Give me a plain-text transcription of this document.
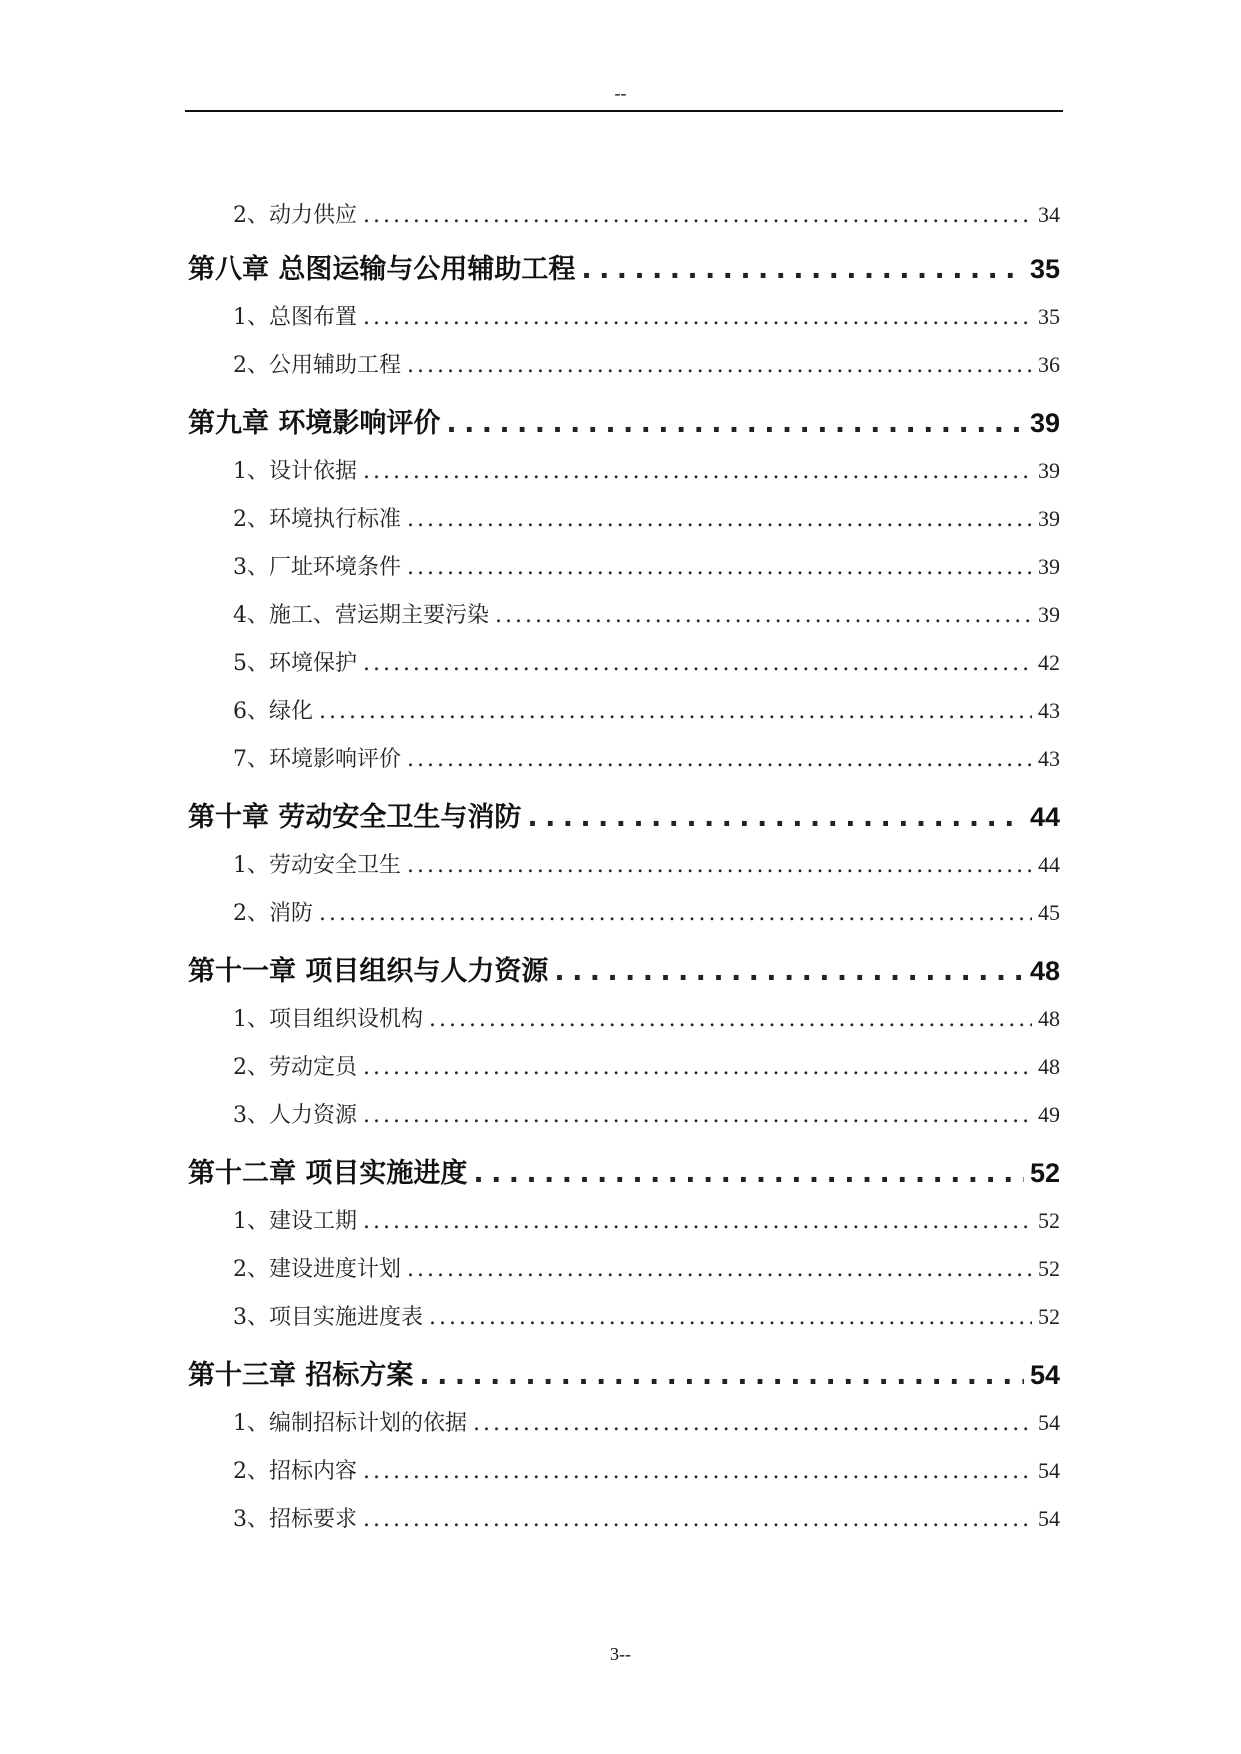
--
2、动力供应 . . .	34
第八章 总图运输与公用辅助工程 . . .	35
1、总图布置 . . .	35
2、公用辅助工程 . . .	36
第九章 环境影响评价 . . .	39
1、设计依据 . . .	39
2、环境执行标准 . . .	39
3、厂址环境条件 . . .	39
4、施工、营运期主要污染 . . .	39
5、环境保护 . . .	42
6、绿化 . . .	43
7、环境影响评价 . . .	43
第十章 劳动安全卫生与消防 . . .	44
1、劳动安全卫生 . . .	44
2、消防 . . .	45
第十一章 项目组织与人力资源 . . .	48
1、项目组织设机构 . . .	48
2、劳动定员 . . .	48
3、人力资源 . . .	49
第十二章 项目实施进度 . . .	52
1、建设工期 . . .	52
2、建设进度计划 . . .	52
3、项目实施进度表 . . .	52
第十三章 招标方案 . . .	54
1、编制招标计划的依据 . . .	54
2、招标内容 . . .	54
3、招标要求 . . .	54
3--
